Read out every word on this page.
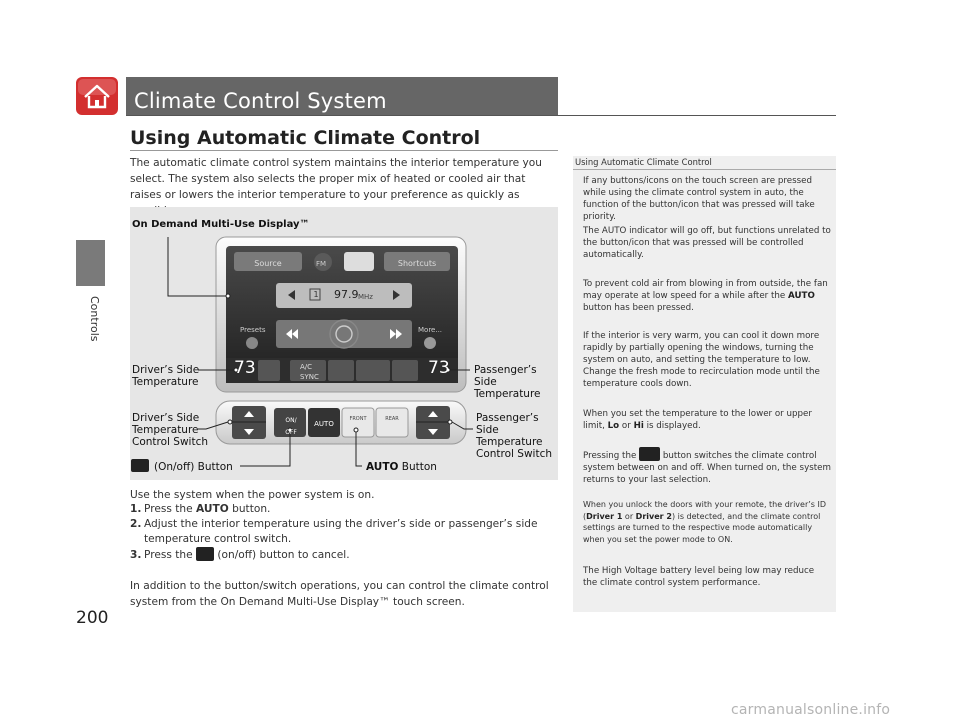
Controls
Climate Control System
Using Automatic Climate Control

The automatic climate control system maintains the interior temperature you select. The system also selects the proper mix of heated or cooled air that raises or lowers the interior temperature to your preference as quickly as

Source	FM	Shortcuts
1 97.9 MHz
Presets	More...
73	73
A/C
SYNC
ON/ OFF
AUTO
FRONT	REAR
On Demand Multi-Use Display™
Driver’s Side
Temperature
Passenger’s Side
Temperature
Driver’s Side
Temperature
Control Switch
Passenger’s Side
Temperature
Control Switch
(On/off) Button	AUTO Button

Use the system when the power system is on.

1. Press the AUTO button.
2. Adjust the interior temperature using the driver’s side or passenger’s side
temperature control switch.
3. Press the  (on/off) button to cancel.

In addition to the button/switch operations, you can control the climate control system from the On Demand Multi-Use Display™ touch screen.

200
Using Automatic Climate Control

If any buttons/icons on the touch screen are pressed while using the climate control system in auto, the function of the button/icon that was pressed will take priority.

The AUTO indicator will go off, but functions unrelated to the button/icon that was pressed will be controlled automatically.

To prevent cold air from blowing in from outside, the fan may operate at low speed for a while after the AUTO button has been pressed.

If the interior is very warm, you can cool it down more rapidly by partially opening the windows, turning the system on auto, and setting the temperature to low. Change the fresh mode to recirculation mode until the temperature cools down.

When you set the temperature to the lower or upper limit, Lo or Hi is displayed.

Pressing the  button switches the climate control system between on and off. When turned on, the system returns to your last selection.

When you unlock the doors with your remote, the driver’s ID (Driver 1 or Driver 2) is detected, and the climate control settings are turned to the respective mode automatically when you set the power mode to ON.

The High Voltage battery level being low may reduce the climate control system performance.

carmanualsonline.info
